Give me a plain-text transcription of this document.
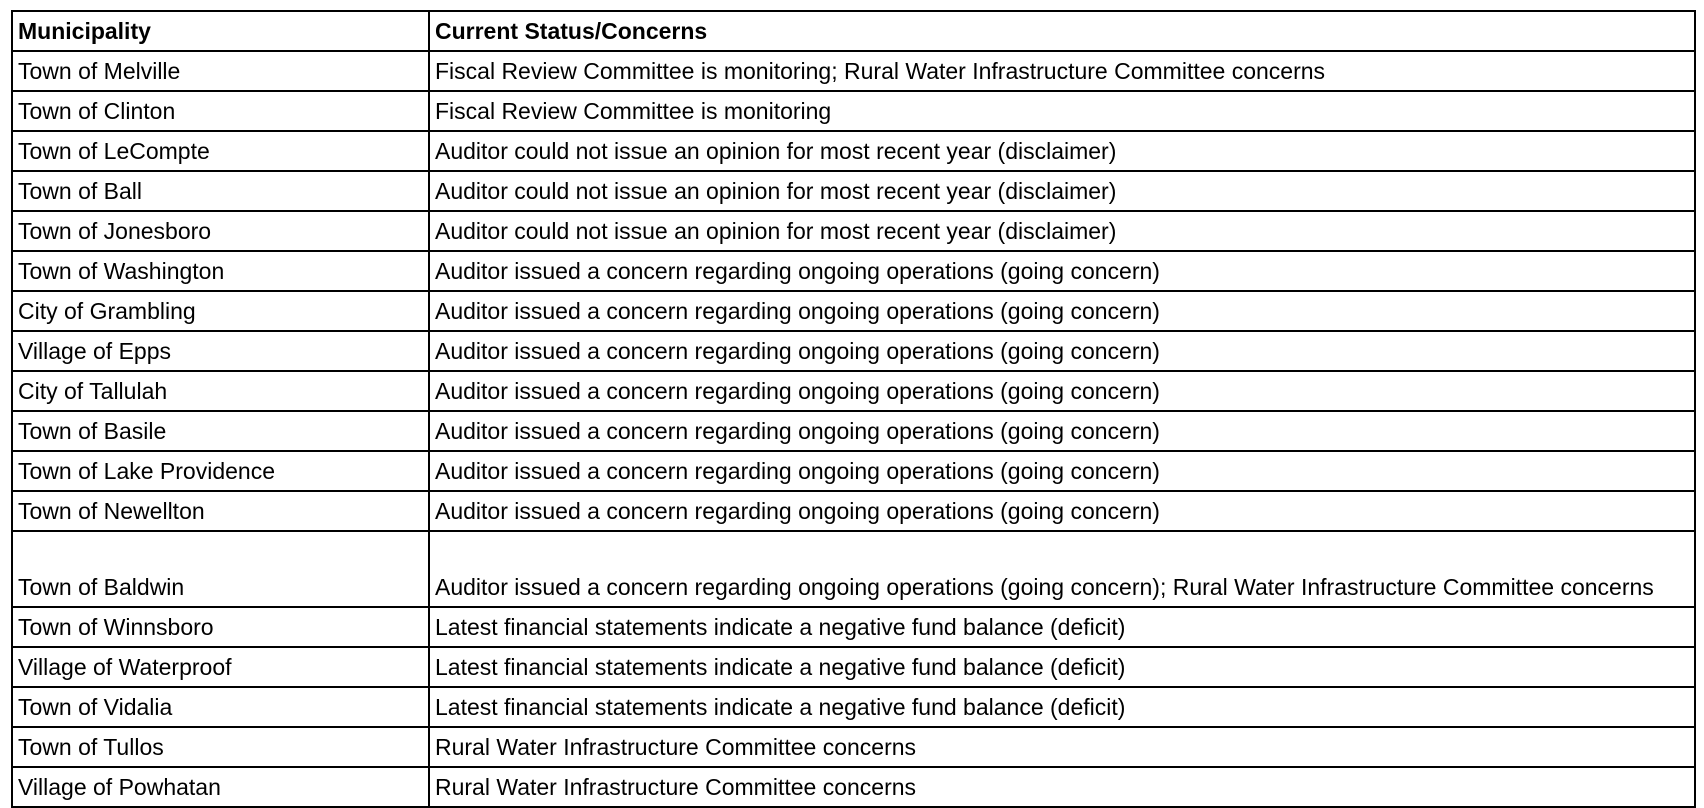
Municipality	Current Status/Concerns
Town of Melville	Fiscal Review Committee is monitoring; Rural Water Infrastructure Committee concerns
Town of Clinton	Fiscal Review Committee is monitoring
Town of LeCompte	Auditor could not issue an opinion for most recent year (disclaimer)
Town of Ball	Auditor could not issue an opinion for most recent year (disclaimer)
Town of Jonesboro	Auditor could not issue an opinion for most recent year (disclaimer)
Town of Washington	Auditor issued a concern regarding ongoing operations (going concern)
City of Grambling	Auditor issued a concern regarding ongoing operations (going concern)
Village of Epps	Auditor issued a concern regarding ongoing operations (going concern)
City of Tallulah	Auditor issued a concern regarding ongoing operations (going concern)
Town of Basile	Auditor issued a concern regarding ongoing operations (going concern)
Town of Lake Providence	Auditor issued a concern regarding ongoing operations (going concern)
Town of Newellton	Auditor issued a concern regarding ongoing operations (going concern)
Town of Baldwin	Auditor issued a concern regarding ongoing operations (going concern); Rural Water Infrastructure Committee concerns
Town of Winnsboro	Latest financial statements indicate a negative fund balance (deficit)
Village of Waterproof	Latest financial statements indicate a negative fund balance (deficit)
Town of Vidalia	Latest financial statements indicate a negative fund balance (deficit)
Town of Tullos	Rural Water Infrastructure Committee concerns
Village of Powhatan	Rural Water Infrastructure Committee concerns
